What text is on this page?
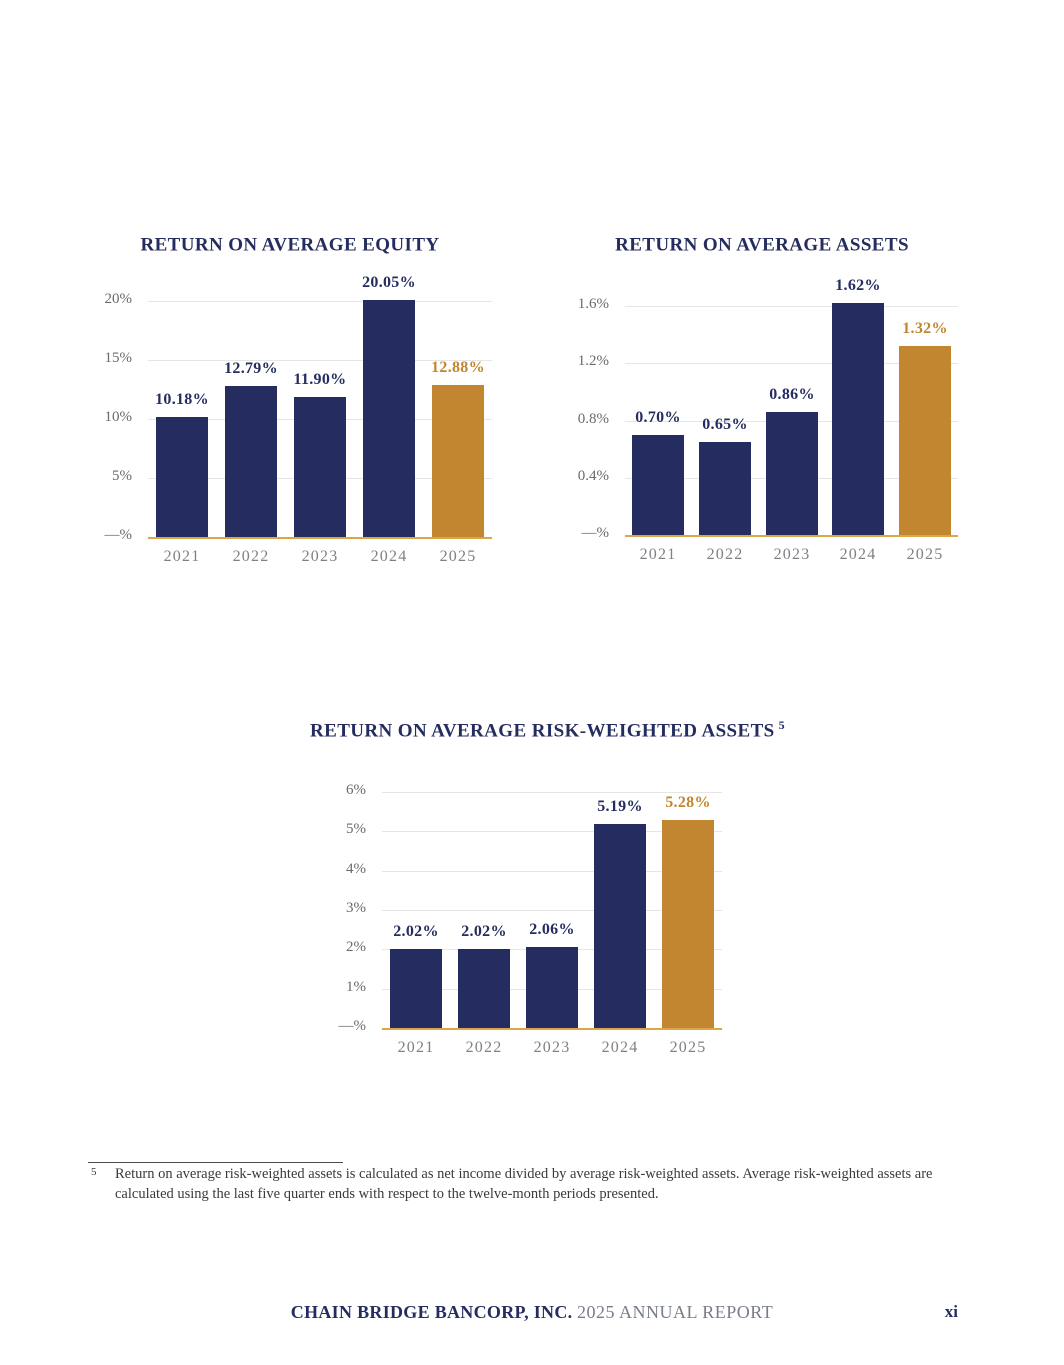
RETURN ON AVERAGE EQUITY
20%
15%
10%
5%
—%
10.18%
2021
12.79%
2022
11.90%
2023
20.05%
2024
12.88%
2025
RETURN ON AVERAGE ASSETS
1.6%
1.2%
0.8%
0.4%
—%
0.70%
2021
0.65%
2022
0.86%
2023
1.62%
2024
1.32%
2025
RETURN ON AVERAGE RISK-WEIGHTED ASSETS $^5$
6%
5%
4%
3%
2%
1%
—%
2.02%
2021
2.02%
2022
2.06%
2023
5.19%
2024
5.28%
2025
5 Return on average risk-weighted assets is calculated as net income divided by average risk-weighted assets. Average risk-weighted assets are calculated using the last five quarter ends with respect to the twelve-month periods presented.
CHAIN BRIDGE BANCORP, INC. 2025 ANNUAL REPORT	xi
